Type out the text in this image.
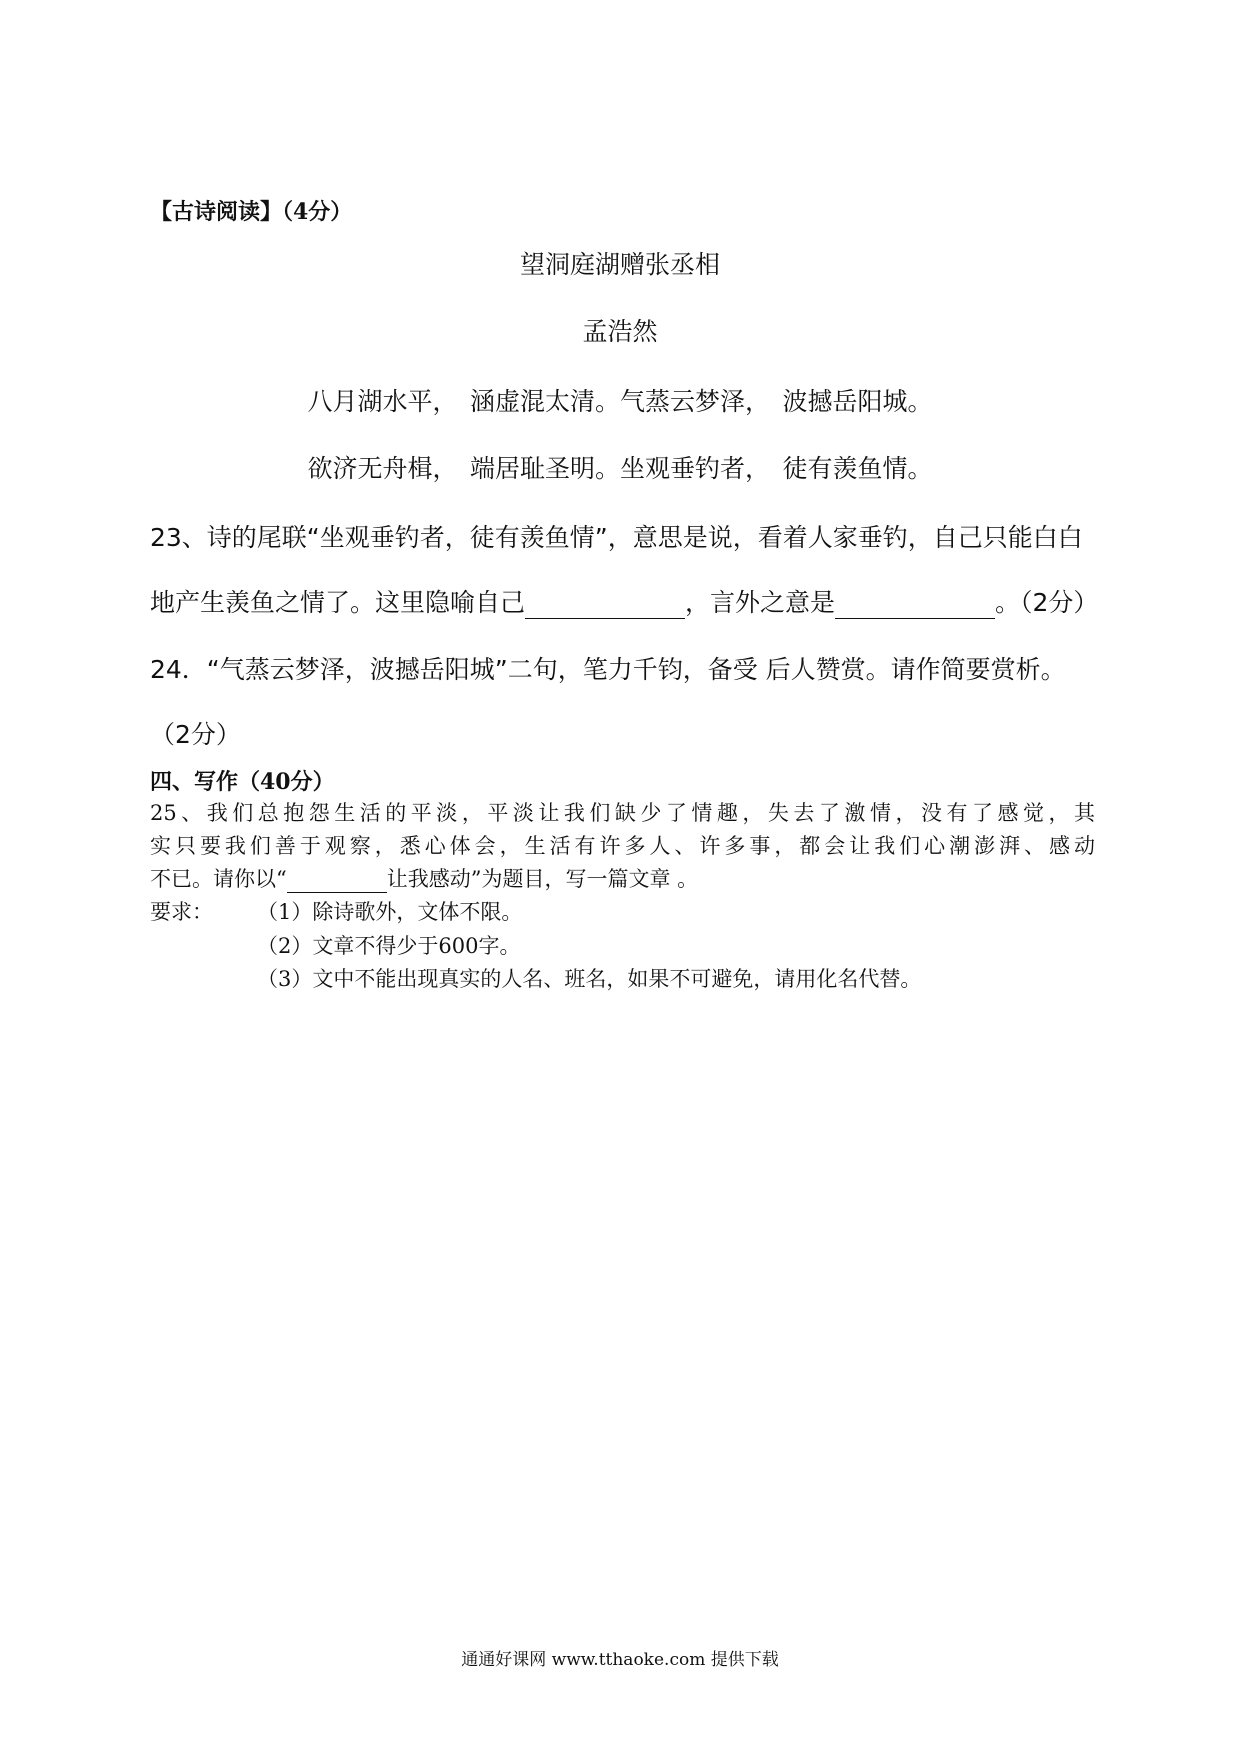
【古诗阅读】（4分）
望洞庭湖赠张丞相
孟浩然
八月湖水平，　涵虚混太清。气蒸云梦泽，　波撼岳阳城。
欲济无舟楫，　端居耻圣明。坐观垂钓者，　徒有羡鱼情。
23、诗的尾联“坐观垂钓者，徒有羡鱼情”，意思是说，看着人家垂钓，自己只能白白
地产生羡鱼之情了。这里隐喻自己	，言外之意是	。（2分）
24．“气蒸云梦泽，波撼岳阳城”二句，笔力千钧，备受 后人赞赏。请作简要赏析。
（2分）
四、写作（40分）
25、我们总抱怨生活的平淡，平淡让我们缺少了情趣，失去了激情，没有了感觉，其
实只要我们善于观察，悉心体会，生活有许多人、许多事，都会让我们心潮澎湃、感动
不已。请你以“	让我感动”为题目，写一篇文章 。
要求： （1）除诗歌外，文体不限。
（2）文章不得少于600字。
（3）文中不能出现真实的人名、班名，如果不可避免，请用化名代替。
通通好课网 www.tthaoke.com 提供下载
